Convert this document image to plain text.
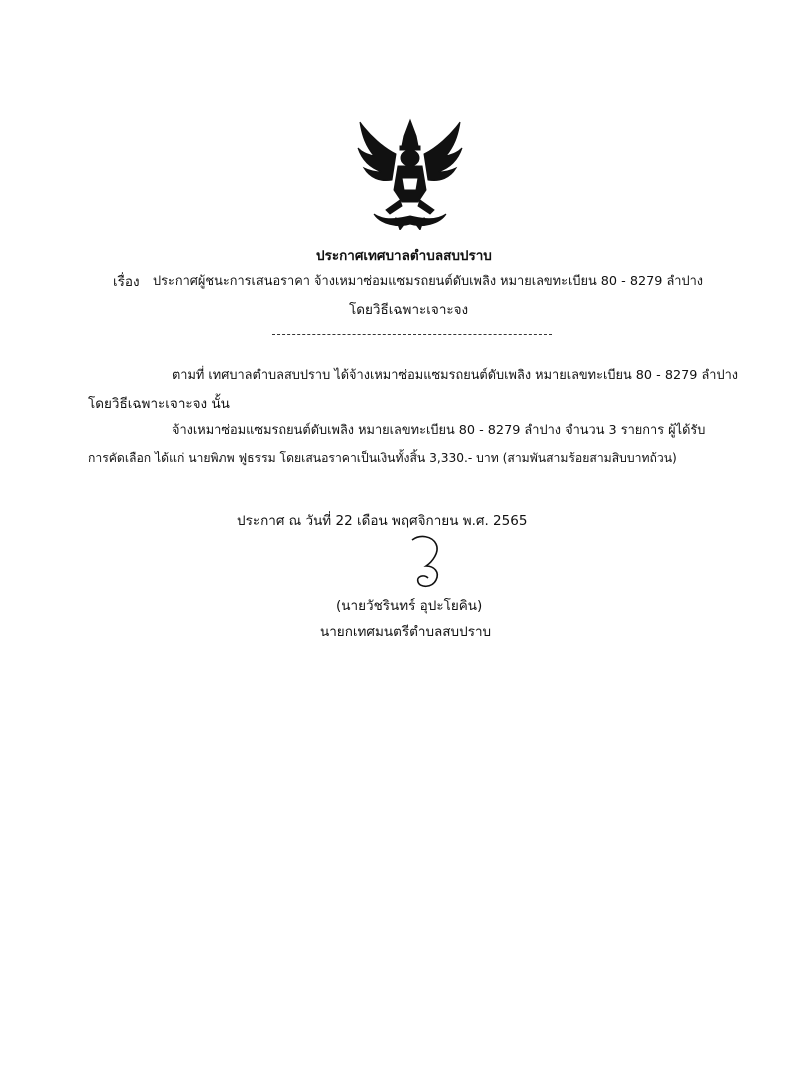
ประกาศเทศบาลตำบลสบปราบ
เรื่อง ประกาศผู้ชนะการเสนอราคา จ้างเหมาซ่อมแซมรถยนต์ดับเพลิง หมายเลขทะเบียน 80 - 8279 ลำปาง
โดยวิธีเฉพาะเจาะจง
ตามที่ เทศบาลตำบลสบปราบ ได้จ้างเหมาซ่อมแซมรถยนต์ดับเพลิง หมายเลขทะเบียน 80 - 8279 ลำปาง
โดยวิธีเฉพาะเจาะจง นั้น
จ้างเหมาซ่อมแซมรถยนต์ดับเพลิง หมายเลขทะเบียน 80 - 8279 ลำปาง จำนวน 3 รายการ ผู้ได้รับ
การคัดเลือก ได้แก่ นายพิภพ ฟูธรรม โดยเสนอราคาเป็นเงินทั้งสิ้น 3,330.- บาท (สามพันสามร้อยสามสิบบาทถ้วน)
ประกาศ ณ วันที่ 22 เดือน พฤศจิกายน พ.ศ. 2565
(นายวัชรินทร์ อุปะโยคิน)
นายกเทศมนตรีตำบลสบปราบ
